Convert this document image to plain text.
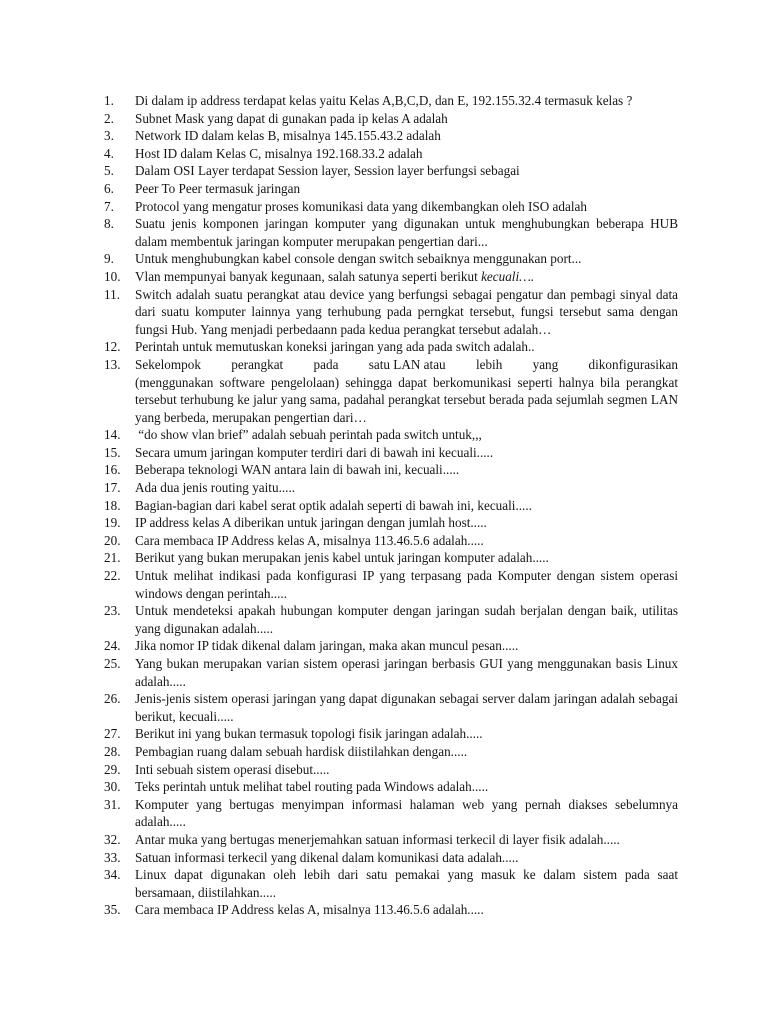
1.	Di dalam ip address terdapat kelas yaitu Kelas A,B,C,D, dan E, 192.155.32.4 termasuk kelas ?
2.	Subnet Mask yang dapat di gunakan pada ip kelas A adalah
3.	Network ID dalam kelas B, misalnya 145.155.43.2 adalah
4.	Host ID dalam Kelas C, misalnya 192.168.33.2 adalah
5.	Dalam OSI Layer terdapat Session layer, Session layer berfungsi sebagai
6.	Peer To Peer termasuk jaringan
7.	Protocol yang mengatur proses komunikasi data yang dikembangkan oleh ISO adalah
8.	Suatu jenis komponen jaringan komputer yang digunakan untuk menghubungkan beberapa HUB dalam membentuk jaringan komputer merupakan pengertian dari...
9.	Untuk menghubungkan kabel console dengan switch sebaiknya menggunakan port...
10.	Vlan mempunyai banyak kegunaan, salah satunya seperti berikut kecuali….
11.	Switch adalah suatu perangkat atau device yang berfungsi sebagai pengatur dan pembagi sinyal data dari suatu komputer lainnya yang terhubung pada perngkat tersebut, fungsi tersebut sama dengan fungsi Hub. Yang menjadi perbedaann pada kedua perangkat tersebut adalah…
12.	Perintah untuk memutuskan koneksi jaringan yang ada pada switch adalah..
13.	Sekelompok perangkat pada satu LAN atau lebih yang dikonfigurasikan
(menggunakan software pengelolaan) sehingga dapat berkomunikasi seperti halnya bila perangkat tersebut terhubung ke jalur yang sama, padahal perangkat tersebut berada pada sejumlah segmen LAN yang berbeda, merupakan pengertian dari…
14.	“do show vlan brief” adalah sebuah perintah pada switch untuk,,,
15.	Secara umum jaringan komputer terdiri dari di bawah ini kecuali.....
16.	Beberapa teknologi WAN antara lain di bawah ini, kecuali.....
17.	Ada dua jenis routing yaitu.....
18.	Bagian-bagian dari kabel serat optik adalah seperti di bawah ini, kecuali.....
19.	IP address kelas A diberikan untuk jaringan dengan jumlah host.....
20.	Cara membaca IP Address kelas A, misalnya 113.46.5.6 adalah.....
21.	Berikut yang bukan merupakan jenis kabel untuk jaringan komputer adalah.....
22.	Untuk melihat indikasi pada konfigurasi IP yang terpasang pada Komputer dengan sistem operasi windows dengan perintah.....
23.	Untuk mendeteksi apakah hubungan komputer dengan jaringan sudah berjalan dengan baik, utilitas yang digunakan adalah.....
24.	Jika nomor IP tidak dikenal dalam jaringan, maka akan muncul pesan.....
25.	Yang bukan merupakan varian sistem operasi jaringan berbasis GUI yang menggunakan basis Linux adalah.....
26.	Jenis-jenis sistem operasi jaringan yang dapat digunakan sebagai server dalam jaringan adalah sebagai berikut, kecuali.....
27.	Berikut ini yang bukan termasuk topologi fisik jaringan adalah.....
28.	Pembagian ruang dalam sebuah hardisk diistilahkan dengan.....
29.	Inti sebuah sistem operasi disebut.....
30.	Teks perintah untuk melihat tabel routing pada Windows adalah.....
31.	Komputer yang bertugas menyimpan informasi halaman web yang pernah diakses sebelumnya adalah.....
32.	Antar muka yang bertugas menerjemahkan satuan informasi terkecil di layer fisik adalah.....
33.	Satuan informasi terkecil yang dikenal dalam komunikasi data adalah.....
34.	Linux dapat digunakan oleh lebih dari satu pemakai yang masuk ke dalam sistem pada saat bersamaan, diistilahkan.....
35.	Cara membaca IP Address kelas A, misalnya 113.46.5.6 adalah.....
